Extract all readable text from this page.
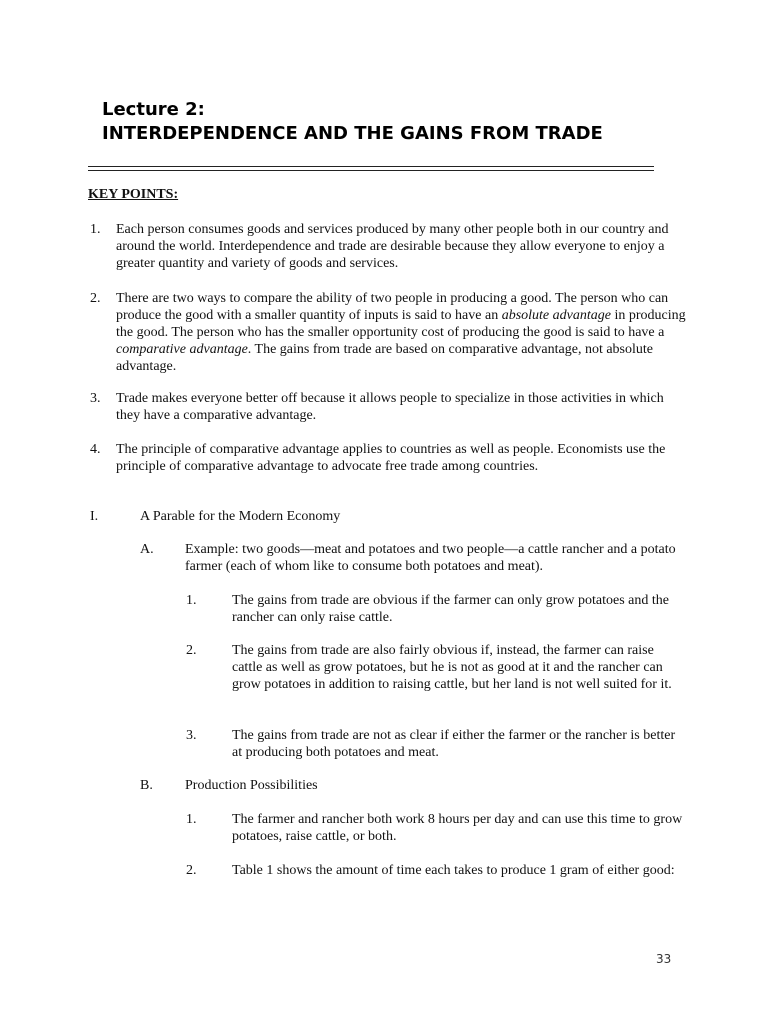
Lecture 2:
INTERDEPENDENCE AND THE GAINS FROM TRADE
KEY POINTS:
1. Each person consumes goods and services produced by many other people both in our country and around the world. Interdependence and trade are desirable because they allow everyone to enjoy a greater quantity and variety of goods and services.
2. There are two ways to compare the ability of two people in producing a good. The person who can produce the good with a smaller quantity of inputs is said to have an absolute advantage in producing the good. The person who has the smaller opportunity cost of producing the good is said to have a comparative advantage. The gains from trade are based on comparative advantage, not absolute advantage.
3. Trade makes everyone better off because it allows people to specialize in those activities in which they have a comparative advantage.
4. The principle of comparative advantage applies to countries as well as people. Economists use the principle of comparative advantage to advocate free trade among countries.
I.	A Parable for the Modern Economy
A. Example: two goods—meat and potatoes and two people—a cattle rancher and a potato farmer (each of whom like to consume both potatoes and meat).
1.	The gains from trade are obvious if the farmer can only grow potatoes and the rancher can only raise cattle.
2.	The gains from trade are also fairly obvious if, instead, the farmer can raise cattle as well as grow potatoes, but he is not as good at it and the rancher can grow potatoes in addition to raising cattle, but her land is not well suited for it.
3.	The gains from trade are not as clear if either the farmer or the rancher is better at producing both potatoes and meat.
B. Production Possibilities
1.	The farmer and rancher both work 8 hours per day and can use this time to grow potatoes, raise cattle, or both.
2.	Table 1 shows the amount of time each takes to produce 1 gram of either good:
33
